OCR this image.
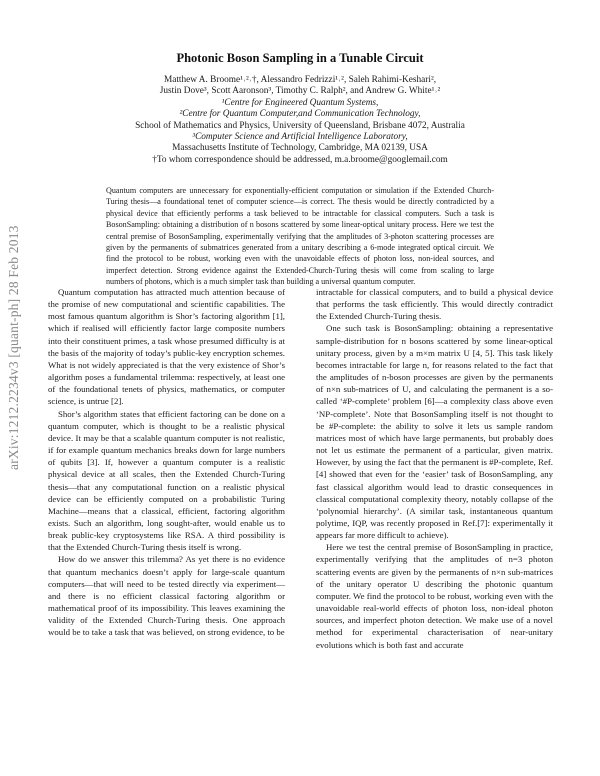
arXiv:1212.2234v3 [quant-ph] 28 Feb 2013
Photonic Boson Sampling in a Tunable Circuit
Matthew A. Broome¹˒²˒†, Alessandro Fedrizzi¹˒², Saleh Rahimi-Keshari²,
Justin Dove³, Scott Aaronson³, Timothy C. Ralph², and Andrew G. White¹˒²
¹Centre for Engineered Quantum Systems,
²Centre for Quantum Computer,and Communication Technology,
School of Mathematics and Physics, University of Queensland, Brisbane 4072, Australia
³Computer Science and Artificial Intelligence Laboratory,
Massachusetts Institute of Technology, Cambridge, MA 02139, USA
†To whom correspondence should be addressed, m.a.broome@googlemail.com

Quantum computers are unnecessary for exponentially-efficient computation or simulation if the Extended Church-Turing thesis—a foundational tenet of computer science—is correct. The thesis would be directly contradicted by a physical device that efficiently performs a task believed to be intractable for classical computers. Such a task is BosonSampling: obtaining a distribution of n bosons scattered by some linear-optical unitary process. Here we test the central premise of BosonSampling, experimentally verifying that the amplitudes of 3-photon scattering processes are given by the permanents of submatrices generated from a unitary describing a 6-mode integrated optical circuit. We find the protocol to be robust, working even with the unavoidable effects of photon loss, non-ideal sources, and imperfect detection. Strong evidence against the Extended-Church-Turing thesis will come from scaling to large numbers of photons, which is a much simpler task than building a universal quantum computer.

Quantum computation has attracted much attention because of the promise of new computational and scientific capabilities. The most famous quantum algorithm is Shor’s factoring algorithm [1], which if realised will efficiently factor large composite numbers into their constituent primes, a task whose presumed difficulty is at the basis of the majority of today’s public-key encryption schemes. What is not widely appreciated is that the very existence of Shor’s algorithm poses a fundamental trilemma: respectively, at least one of the foundational tenets of physics, mathematics, or computer science, is untrue [2].

Shor’s algorithm states that efficient factoring can be done on a quantum computer, which is thought to be a realistic physical device. It may be that a scalable quantum computer is not realistic, if for example quantum mechanics breaks down for large numbers of qubits [3]. If, however a quantum computer is a realistic physical device at all scales, then the Extended Church-Turing thesis—that any computational function on a realistic physical device can be efficiently computed on a probabilistic Turing Machine—means that a classical, efficient, factoring algorithm exists. Such an algorithm, long sought-after, would enable us to break public-key cryptosystems like RSA. A third possibility is that the Extended Church-Turing thesis itself is wrong.

How do we answer this trilemma? As yet there is no evidence that quantum mechanics doesn’t apply for large-scale quantum computers—that will need to be tested directly via experiment—and there is no efficient classical factoring algorithm or mathematical proof of its impossibility. This leaves examining the validity of the Extended Church-Turing thesis. One approach would be to take a task that was believed, on strong evidence, to be

intractable for classical computers, and to build a physical device that performs the task efficiently. This would directly contradict the Extended Church-Turing thesis.

One such task is BosonSampling: obtaining a representative sample-distribution for n bosons scattered by some linear-optical unitary process, given by a m×m matrix U [4, 5]. This task likely becomes intractable for large n, for reasons related to the fact that the amplitudes of n-boson processes are given by the permanents of n×n sub-matrices of U, and calculating the permanent is a so-called ‘#P-complete’ problem [6]—a complexity class above even ‘NP-complete’. Note that BosonSampling itself is not thought to be #P-complete: the ability to solve it lets us sample random matrices most of which have large permanents, but probably does not let us estimate the permanent of a particular, given matrix. However, by using the fact that the permanent is #P-complete, Ref. [4] showed that even for the ‘easier’ task of BosonSampling, any fast classical algorithm would lead to drastic consequences in classical computational complexity theory, notably collapse of the ‘polynomial hierarchy’. (A similar task, instantaneous quantum polytime, IQP, was recently proposed in Ref.[7]: experimentally it appears far more difficult to achieve).

Here we test the central premise of BosonSampling in practice, experimentally verifying that the amplitudes of n=3 photon scattering events are given by the permanents of n×n sub-matrices of the unitary operator U describing the photonic quantum computer. We find the protocol to be robust, working even with the unavoidable real-world effects of photon loss, non-ideal photon sources, and imperfect photon detection. We make use of a novel method for experimental characterisation of near-unitary evolutions which is both fast and accurate
